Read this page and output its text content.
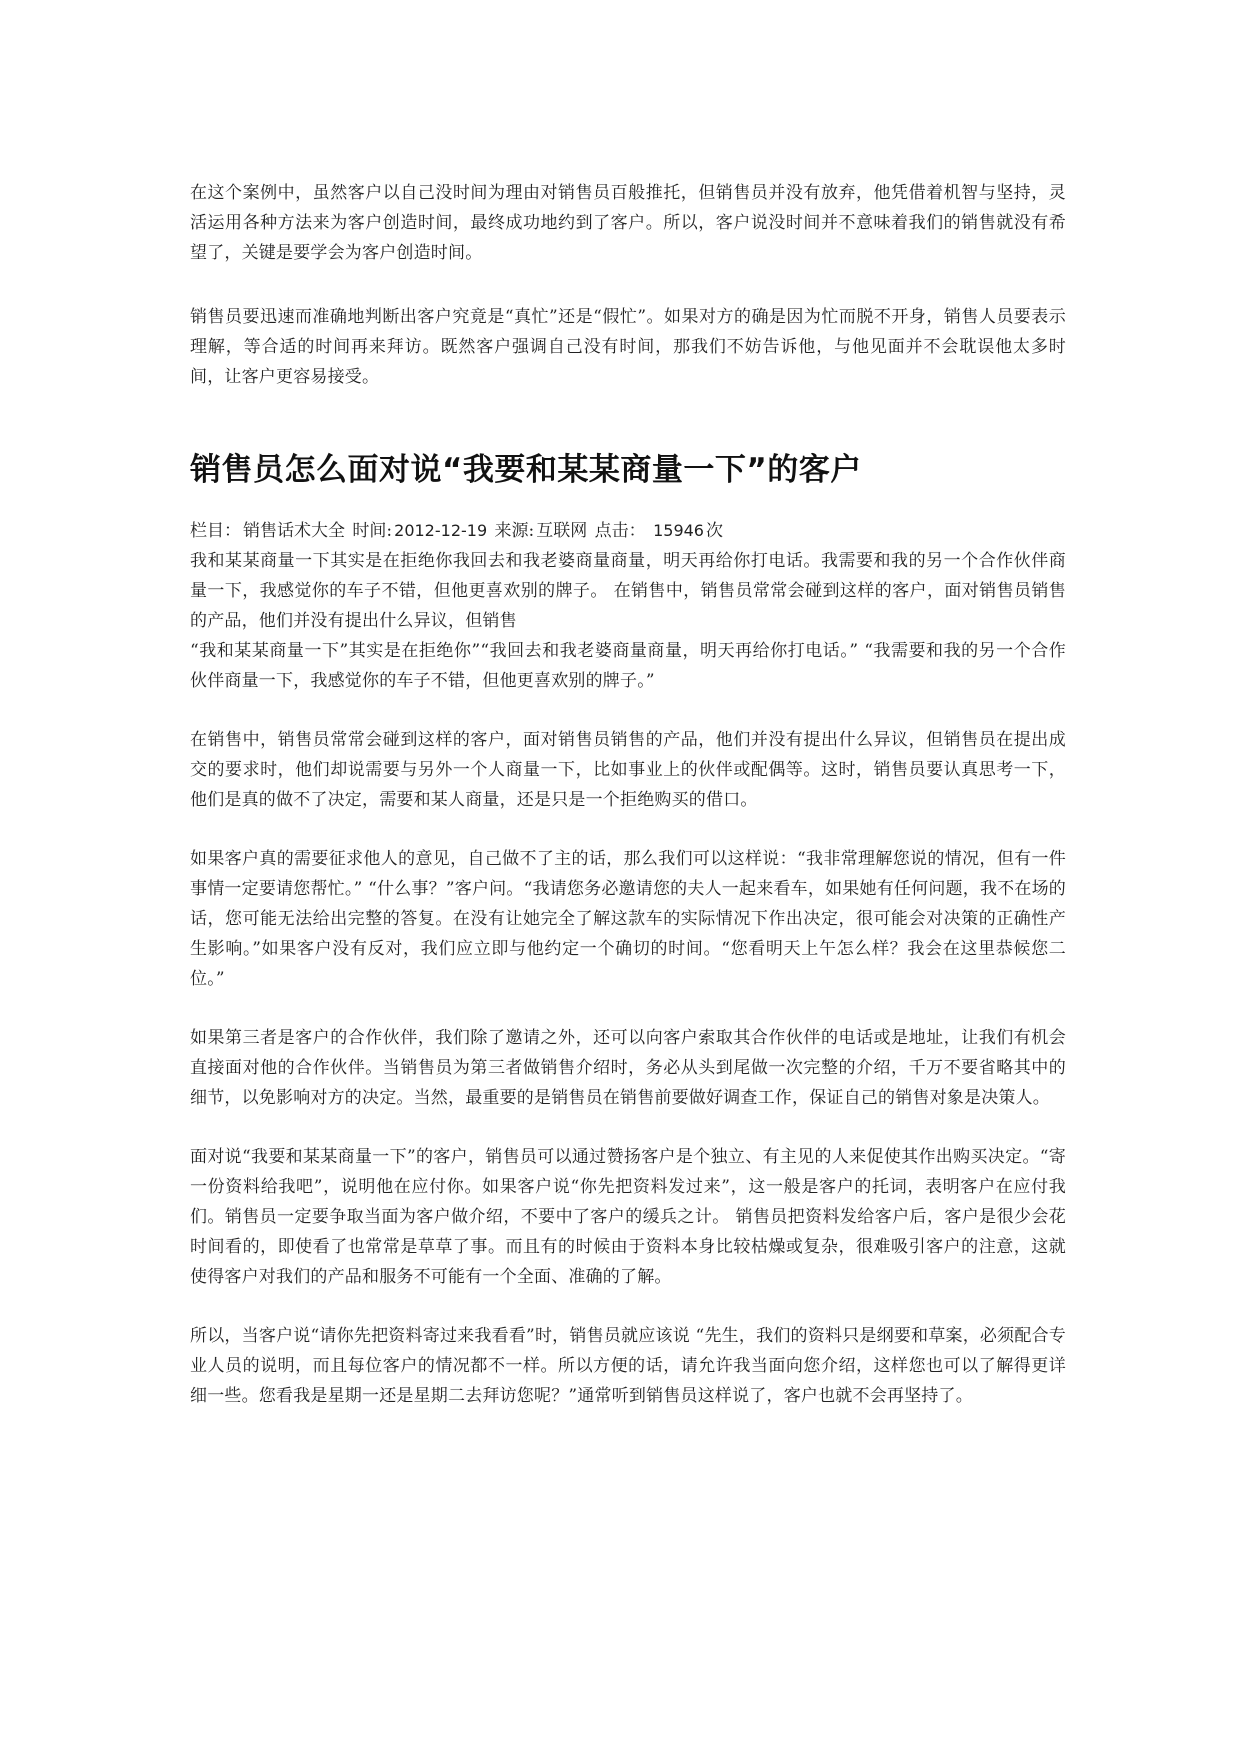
在这个案例中，虽然客户以自己没时间为理由对销售员百般推托，但销售员并没有放弃，他凭借着机智与坚持，灵活运用各种方法来为客户创造时间，最终成功地约到了客户。所以，客户说没时间并不意味着我们的销售就没有希望了，关键是要学会为客户创造时间。

销售员要迅速而准确地判断出客户究竟是“真忙”还是“假忙”。如果对方的确是因为忙而脱不开身，销售人员要表示理解，等合适的时间再来拜访。既然客户强调自己没有时间，那我们不妨告诉他，与他见面并不会耽误他太多时间，让客户更容易接受。

销售员怎么面对说“我要和某某商量一下”的客户

栏目： 销售话术大全 时间: 2012-12-19 来源: 互联网 点击： 15946 次

我和某某商量一下其实是在拒绝你我回去和我老婆商量商量，明天再给你打电话。我需要和我的另一个合作伙伴商量一下，我感觉你的车子不错，但他更喜欢别的牌子。 在销售中，销售员常常会碰到这样的客户，面对销售员销售的产品，他们并没有提出什么异议，但销售

“我和某某商量一下”其实是在拒绝你”“我回去和我老婆商量商量，明天再给你打电话。” “我需要和我的另一个合作伙伴商量一下，我感觉你的车子不错，但他更喜欢别的牌子。”

在销售中，销售员常常会碰到这样的客户，面对销售员销售的产品，他们并没有提出什么异议，但销售员在提出成交的要求时，他们却说需要与另外一个人商量一下，比如事业上的伙伴或配偶等。这时，销售员要认真思考一下，他们是真的做不了决定，需要和某人商量，还是只是一个拒绝购买的借口。

如果客户真的需要征求他人的意见，自己做不了主的话，那么我们可以这样说：“我非常理解您说的情况，但有一件事情一定要请您帮忙。” “什么事？”客户问。“我请您务必邀请您的夫人一起来看车，如果她有任何问题，我不在场的话，您可能无法给出完整的答复。在没有让她完全了解这款车的实际情况下作出决定，很可能会对决策的正确性产生影响。”如果客户没有反对，我们应立即与他约定一个确切的时间。“您看明天上午怎么样？我会在这里恭候您二位。”

如果第三者是客户的合作伙伴，我们除了邀请之外，还可以向客户索取其合作伙伴的电话或是地址，让我们有机会直接面对他的合作伙伴。当销售员为第三者做销售介绍时，务必从头到尾做一次完整的介绍，千万不要省略其中的细节，以免影响对方的决定。当然，最重要的是销售员在销售前要做好调查工作，保证自己的销售对象是决策人。

面对说“我要和某某商量一下”的客户，销售员可以通过赞扬客户是个独立、有主见的人来促使其作出购买决定。“寄一份资料给我吧”，说明他在应付你。如果客户说“你先把资料发过来”，这一般是客户的托词，表明客户在应付我们。销售员一定要争取当面为客户做介绍，不要中了客户的缓兵之计。 销售员把资料发给客户后，客户是很少会花时间看的，即使看了也常常是草草了事。而且有的时候由于资料本身比较枯燥或复杂，很难吸引客户的注意，这就使得客户对我们的产品和服务不可能有一个全面、准确的了解。

所以，当客户说“请你先把资料寄过来我看看”时，销售员就应该说 “先生，我们的资料只是纲要和草案，必须配合专业人员的说明，而且每位客户的情况都不一样。所以方便的话，请允许我当面向您介绍，这样您也可以了解得更详细一些。您看我是星期一还是星期二去拜访您呢？”通常听到销售员这样说了，客户也就不会再坚持了。
